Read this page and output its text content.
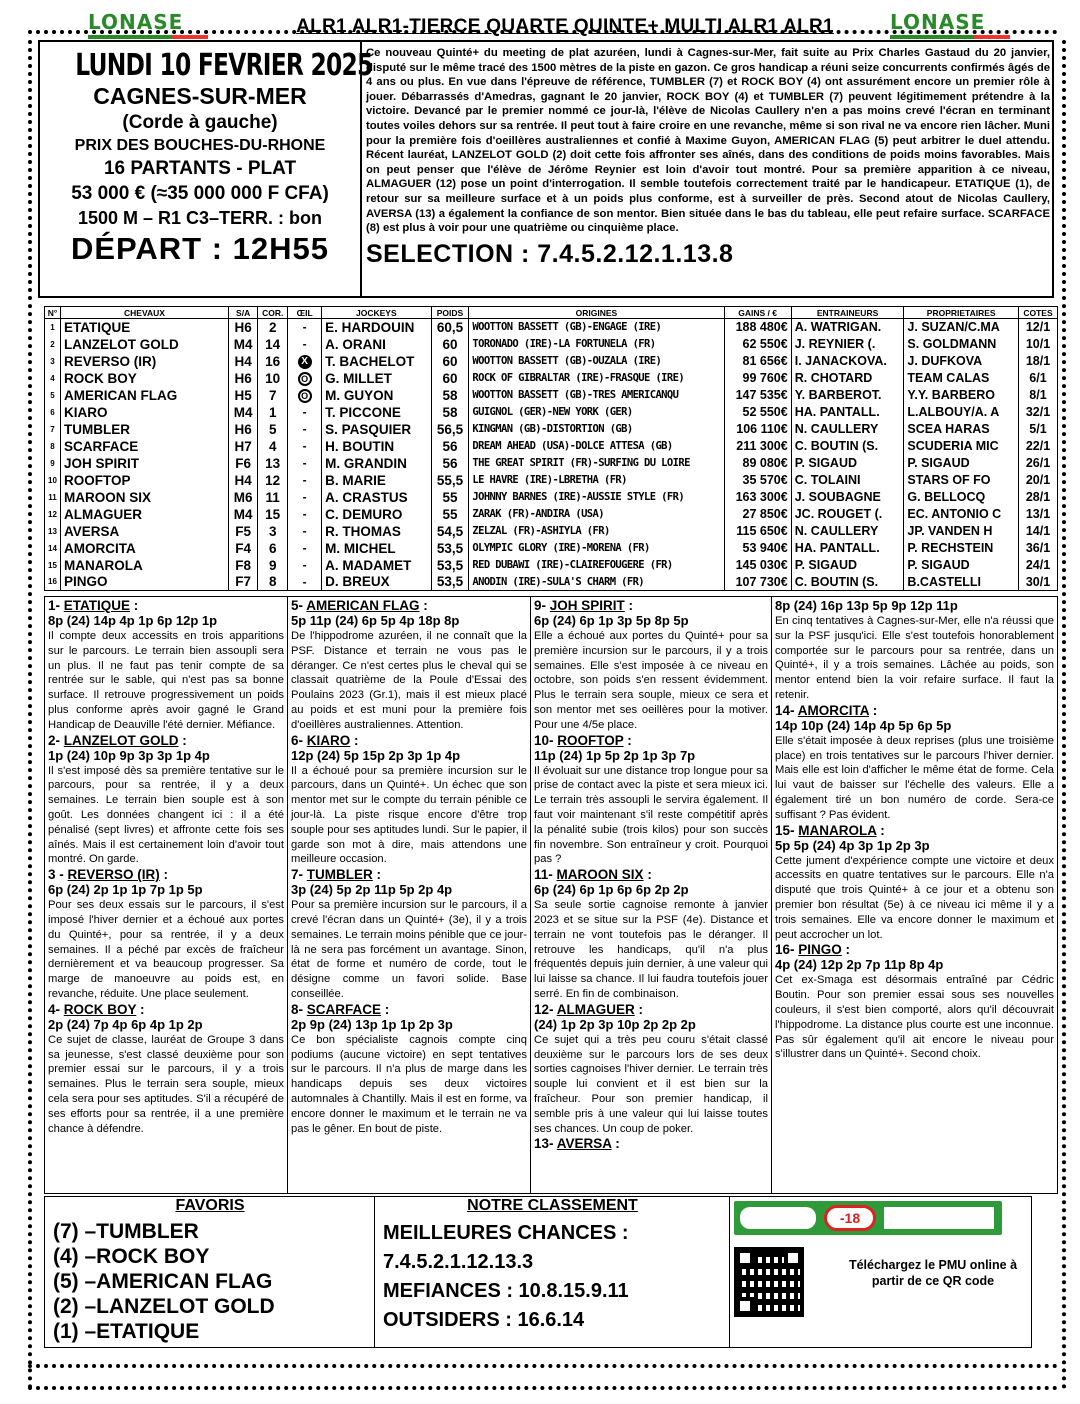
LONASE	ALR1 ALR1-TIERCE QUARTE QUINTE+ MULTI ALR1 ALR1	LONASE
LUNDI 10 FEVRIER 2025
CAGNES-SUR-MER
(Corde à gauche)
PRIX DES BOUCHES-DU-RHONE
16 PARTANTS - PLAT
53 000 € (≈35 000 000 F CFA)
1500 M – R1 C3–TERR. : bon
DÉPART : 12H55
Ce nouveau Quinté+ du meeting de plat azuréen, lundi à Cagnes-sur-Mer, fait suite au Prix Charles Gastaud du 20 janvier, disputé sur le même tracé des 1500 mètres de la piste en gazon. Ce gros handicap a réuni seize concurrents confirmés âgés de 4 ans ou plus. En vue dans l'épreuve de référence, TUMBLER (7) et ROCK BOY (4) ont assurément encore un premier rôle à jouer. Débarrassés d'Amedras, gagnant le 20 janvier, ROCK BOY (4) et TUMBLER (7) peuvent légitimement prétendre à la victoire. Devancé par le premier nommé ce jour-là, l'élève de Nicolas Caullery n'en a pas moins crevé l'écran en terminant toutes voiles dehors sur sa rentrée. Il peut tout à faire croire en une revanche, même si son rival ne va encore rien lâcher. Muni pour la première fois d'oeillères australiennes et confié à Maxime Guyon, AMERICAN FLAG (5) peut arbitrer le duel attendu. Récent lauréat, LANZELOT GOLD (2) doit cette fois affronter ses aînés, dans des conditions de poids moins favorables. Mais on peut penser que l'élève de Jérôme Reynier est loin d'avoir tout montré. Pour sa première apparition à ce niveau, ALMAGUER (12) pose un point d'interrogation. Il semble toutefois correctement traité par le handicapeur. ETATIQUE (1), de retour sur sa meilleure surface et à un poids plus conforme, est à surveiller de près. Second atout de Nicolas Caullery, AVERSA (13) a également la confiance de son mentor. Bien située dans le bas du tableau, elle peut refaire surface. SCARFACE (8) est plus à voir pour une quatrième ou cinquième place.
SELECTION : 7.4.5.2.12.1.13.8
N°	CHEVAUX	S/A	COR.	ŒIL	JOCKEYS	POIDS	ORIGINES	GAINS / €	ENTRAINEURS	PROPRIETAIRES	COTES
1	ETATIQUE	H6	2	-	E. HARDOUIN	60,5	WOOTTON BASSETT (GB)-ENGAGE (IRE)	188 480€	A. WATRIGAN.	J. SUZAN/C.MA	12/1
2	LANZELOT GOLD	M4	14	-	A. ORANI	60	TORONADO (IRE)-LA FORTUNELA (FR)	62 550€	J. REYNIER (.	S. GOLDMANN	10/1
3	REVERSO (IR)	H4	16	X	T. BACHELOT	60	WOOTTON BASSETT (GB)-OUZALA (IRE)	81 656€	I. JANACKOVA.	J. DUFKOVA	18/1
4	ROCK BOY	H6	10	O	G. MILLET	60	ROCK OF GIBRALTAR (IRE)-FRASQUE (IRE)	99 760€	R. CHOTARD	TEAM CALAS	6/1
5	AMERICAN FLAG	H5	7	O	M. GUYON	58	WOOTTON BASSETT (GB)-TRES AMERICANQU	147 535€	Y. BARBEROT.	Y.Y. BARBERO	8/1
6	KIARO	M4	1	-	T. PICCONE	58	GUIGNOL (GER)-NEW YORK (GER)	52 550€	HA. PANTALL.	L.ALBOUY/A. A	32/1
7	TUMBLER	H6	5	-	S. PASQUIER	56,5	KINGMAN (GB)-DISTORTION (GB)	106 110€	N. CAULLERY	SCEA HARAS	5/1
8	SCARFACE	H7	4	-	H. BOUTIN	56	DREAM AHEAD (USA)-DOLCE ATTESA (GB)	211 300€	C. BOUTIN (S.	SCUDERIA MIC	22/1
9	JOH SPIRIT	F6	13	-	M. GRANDIN	56	THE GREAT SPIRIT (FR)-SURFING DU LOIRE	89 080€	P. SIGAUD	P. SIGAUD	26/1
10	ROOFTOP	H4	12	-	B. MARIE	55,5	LE HAVRE (IRE)-LBRETHA (FR)	35 570€	C. TOLAINI	STARS OF FO	20/1
11	MAROON SIX	M6	11	-	A. CRASTUS	55	JOHNNY BARNES (IRE)-AUSSIE STYLE (FR)	163 300€	J. SOUBAGNE	G. BELLOCQ	28/1
12	ALMAGUER	M4	15	-	C. DEMURO	55	ZARAK (FR)-ANDIRA (USA)	27 850€	JC. ROUGET (.	EC. ANTONIO C	13/1
13	AVERSA	F5	3	-	R. THOMAS	54,5	ZELZAL (FR)-ASHIYLA (FR)	115 650€	N. CAULLERY	JP. VANDEN H	14/1
14	AMORCITA	F4	6	-	M. MICHEL	53,5	OLYMPIC GLORY (IRE)-MORENA (FR)	53 940€	HA. PANTALL.	P. RECHSTEIN	36/1
15	MANAROLA	F8	9	-	A. MADAMET	53,5	RED DUBAWI (IRE)-CLAIREFOUGERE (FR)	145 030€	P. SIGAUD	P. SIGAUD	24/1
16	PINGO	F7	8	-	D. BREUX	53,5	ANODIN (IRE)-SULA'S CHARM (FR)	107 730€	C. BOUTIN (S.	B.CASTELLI	30/1
1- ETATIQUE :
8p (24) 14p 4p 1p 6p 12p 1p
Il compte deux accessits en trois apparitions sur le parcours. Le terrain bien assoupli sera un plus. Il ne faut pas tenir compte de sa rentrée sur le sable, qui n'est pas sa bonne surface. Il retrouve progressivement un poids plus conforme après avoir gagné le Grand Handicap de Deauville l'été dernier. Méfiance.
2- LANZELOT GOLD :
1p (24) 10p 9p 3p 3p 1p 4p
Il s'est imposé dès sa première tentative sur le parcours, pour sa rentrée, il y a deux semaines. Le terrain bien souple est à son goût. Les données changent ici : il a été pénalisé (sept livres) et affronte cette fois ses aînés. Mais il est certainement loin d'avoir tout montré. On garde.
3 - REVERSO (IR) :
6p (24) 2p 1p 1p 7p 1p 5p
Pour ses deux essais sur le parcours, il s'est imposé l'hiver dernier et a échoué aux portes du Quinté+, pour sa rentrée, il y a deux semaines. Il a péché par excès de fraîcheur dernièrement et va beaucoup progresser. Sa marge de manoeuvre au poids est, en revanche, réduite. Une place seulement.
4- ROCK BOY :
2p (24) 7p 4p 6p 4p 1p 2p
Ce sujet de classe, lauréat de Groupe 3 dans sa jeunesse, s'est classé deuxième pour son premier essai sur le parcours, il y a trois semaines. Plus le terrain sera souple, mieux cela sera pour ses aptitudes. S'il a récupéré de ses efforts pour sa rentrée, il a une première chance à défendre.
5- AMERICAN FLAG :
5p 11p (24) 6p 5p 4p 18p 8p
De l'hippodrome azuréen, il ne connaît que la PSF. Distance et terrain ne vous pas le déranger. Ce n'est certes plus le cheval qui se classait quatrième de la Poule d'Essai des Poulains 2023 (Gr.1), mais il est mieux placé au poids et est muni pour la première fois d'oeillères australiennes. Attention.
6- KIARO :
12p (24) 5p 15p 2p 3p 1p 4p
Il a échoué pour sa première incursion sur le parcours, dans un Quinté+. Un échec que son mentor met sur le compte du terrain pénible ce jour-là. La piste risque encore d'être trop souple pour ses aptitudes lundi. Sur le papier, il garde son mot à dire, mais attendons une meilleure occasion.
7- TUMBLER :
3p (24) 5p 2p 11p 5p 2p 4p
Pour sa première incursion sur le parcours, il a crevé l'écran dans un Quinté+ (3e), il y a trois semaines. Le terrain moins pénible que ce jour-là ne sera pas forcément un avantage. Sinon, état de forme et numéro de corde, tout le désigne comme un favori solide. Base conseillée.
8- SCARFACE :
2p 9p (24) 13p 1p 1p 2p 3p
Ce bon spécialiste cagnois compte cinq podiums (aucune victoire) en sept tentatives sur le parcours. Il n'a plus de marge dans les handicaps depuis ses deux victoires automnales à Chantilly. Mais il est en forme, va encore donner le maximum et le terrain ne va pas le gêner. En bout de piste.
9- JOH SPIRIT :
6p (24) 6p 1p 3p 5p 8p 5p
Elle a échoué aux portes du Quinté+ pour sa première incursion sur le parcours, il y a trois semaines. Elle s'est imposée à ce niveau en octobre, son poids s'en ressent évidemment. Plus le terrain sera souple, mieux ce sera et son mentor met ses oeillères pour la motiver. Pour une 4/5e place.
10- ROOFTOP :
11p (24) 1p 5p 2p 1p 3p 7p
Il évoluait sur une distance trop longue pour sa prise de contact avec la piste et sera mieux ici. Le terrain très assoupli le servira également. Il faut voir maintenant s'il reste compétitif après la pénalité subie (trois kilos) pour son succès fin novembre. Son entraîneur y croit. Pourquoi pas ?
11- MAROON SIX :
6p (24) 6p 1p 6p 6p 2p 2p
Sa seule sortie cagnoise remonte à janvier 2023 et se situe sur la PSF (4e). Distance et terrain ne vont toutefois pas le déranger. Il retrouve les handicaps, qu'il n'a plus fréquentés depuis juin dernier, à une valeur qui lui laisse sa chance. Il lui faudra toutefois jouer serré. En fin de combinaison.
12- ALMAGUER :
(24) 1p 2p 3p 10p 2p 2p 2p
Ce sujet qui a très peu couru s'était classé deuxième sur le parcours lors de ses deux sorties cagnoises l'hiver dernier. Le terrain très souple lui convient et il est bien sur la fraîcheur. Pour son premier handicap, il semble pris à une valeur qui lui laisse toutes ses chances. Un coup de poker.
13- AVERSA :
8p (24) 16p 13p 5p 9p 12p 11p
En cinq tentatives à Cagnes-sur-Mer, elle n'a réussi que sur la PSF jusqu'ici. Elle s'est toutefois honorablement comportée sur le parcours pour sa rentrée, dans un Quinté+, il y a trois semaines. Lâchée au poids, son mentor entend bien la voir refaire surface. Il faut la retenir.
14- AMORCITA :
14p 10p (24) 14p 4p 5p 6p 5p
Elle s'était imposée à deux reprises (plus une troisième place) en trois tentatives sur le parcours l'hiver dernier. Mais elle est loin d'afficher le même état de forme. Cela lui vaut de baisser sur l'échelle des valeurs. Elle a également tiré un bon numéro de corde. Sera-ce suffisant ? Pas évident.
15- MANAROLA :
5p 5p (24) 4p 3p 1p 2p 3p
Cette jument d'expérience compte une victoire et deux accessits en quatre tentatives sur le parcours. Elle n'a disputé que trois Quinté+ à ce jour et a obtenu son premier bon résultat (5e) à ce niveau ici même il y a trois semaines. Elle va encore donner le maximum et peut accrocher un lot.
16- PINGO :
4p (24) 12p 2p 7p 11p 8p 4p
Cet ex-Smaga est désormais entraîné par Cédric Boutin. Pour son premier essai sous ses nouvelles couleurs, il s'est bien comporté, alors qu'il découvrait l'hippodrome. La distance plus courte est une inconnue. Pas sûr également qu'il ait encore le niveau pour s'illustrer dans un Quinté+. Second choix.
FAVORIS
(7) –TUMBLER
(4) –ROCK BOY
(5) –AMERICAN FLAG
(2) –LANZELOT GOLD
(1) –ETATIQUE
NOTRE CLASSEMENT
MEILLEURES CHANCES :
7.4.5.2.1.12.13.3
MEFIANCES : 10.8.15.9.11
OUTSIDERS : 16.6.14
-18
Téléchargez le PMU online à partir de ce QR code
